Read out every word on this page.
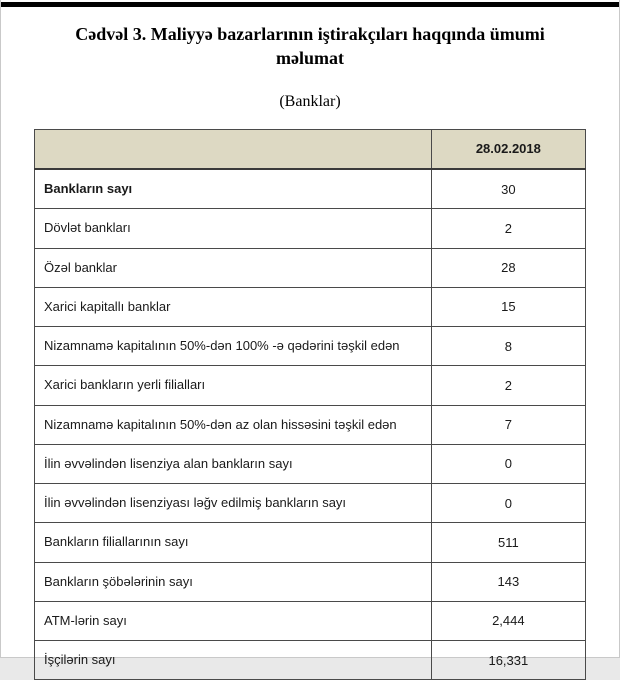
Cədvəl 3. Maliyyə bazarlarının iştirakçıları haqqında ümumi məlumat
(Banklar)
	28.02.2018
Bankların sayı	30
Dövlət bankları	2
Özəl banklar	28
Xarici kapitallı banklar	15
Nizamnamə kapitalının 50%-dən 100% -ə qədərini təşkil edən	8
Xarici bankların yerli filialları	2
Nizamnamə kapitalının 50%-dən az olan hissəsini təşkil edən	7
İlin əvvəlindən lisenziya alan bankların sayı	0
İlin əvvəlindən lisenziyası ləğv edilmiş bankların sayı	0
Bankların filiallarının sayı	511
Bankların şöbələrinin sayı	143
ATM-lərin sayı	2,444
İşçilərin sayı	16,331
